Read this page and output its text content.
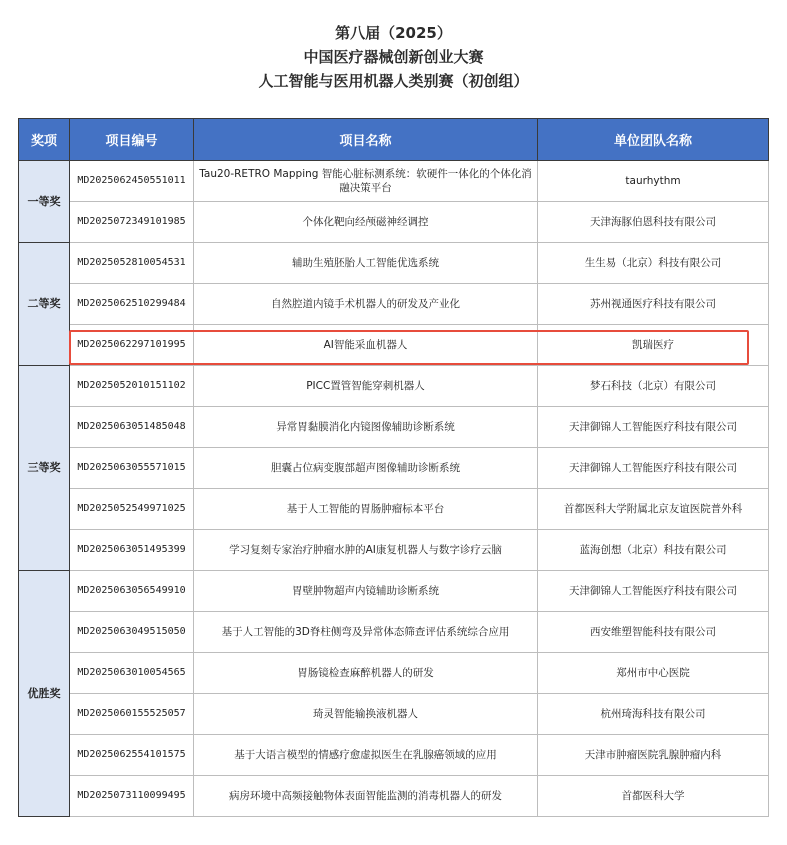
第八届（2025）
中国医疗器械创新创业大赛
人工智能与医用机器人类别赛（初创组）
奖项	项目编号	项目名称	单位团队名称
一等奖	MD2025062450551011	Tau20-RETRO Mapping 智能心脏标测系统：软硬件一体化的个体化消融决策平台	taurhythm
	MD2025072349101985	个体化靶向经颅磁神经调控	天津海豚伯恩科技有限公司
二等奖	MD2025052810054531	辅助生殖胚胎人工智能优选系统	生生易（北京）科技有限公司
	MD2025062510299484	自然腔道内镜手术机器人的研发及产业化	苏州视通医疗科技有限公司
	MD2025062297101995	AI智能采血机器人	凯瑞医疗
三等奖	MD2025052010151102	PICC置管智能穿刺机器人	梦石科技（北京）有限公司
	MD2025063051485048	异常胃黏膜消化内镜图像辅助诊断系统	天津御锦人工智能医疗科技有限公司
	MD2025063055571015	胆囊占位病变腹部超声图像辅助诊断系统	天津御锦人工智能医疗科技有限公司
	MD2025052549971025	基于人工智能的胃肠肿瘤标本平台	首都医科大学附属北京友谊医院普外科
	MD2025063051495399	学习复刻专家治疗肿瘤水肿的AI康复机器人与数字诊疗云脑	蓝海创想（北京）科技有限公司
优胜奖	MD2025063056549910	胃壁肿物超声内镜辅助诊断系统	天津御锦人工智能医疗科技有限公司
	MD2025063049515050	基于人工智能的3D脊柱侧弯及异常体态筛查评估系统综合应用	西安维塑智能科技有限公司
	MD2025063010054565	胃肠镜检查麻醉机器人的研发	郑州市中心医院
	MD2025060155525057	琦灵智能输换液机器人	杭州琦海科技有限公司
	MD2025062554101575	基于大语言模型的情感疗愈虚拟医生在乳腺癌领域的应用	天津市肿瘤医院乳腺肿瘤内科
	MD2025073110099495	病房环境中高频接触物体表面智能监测的消毒机器人的研发	首都医科大学
